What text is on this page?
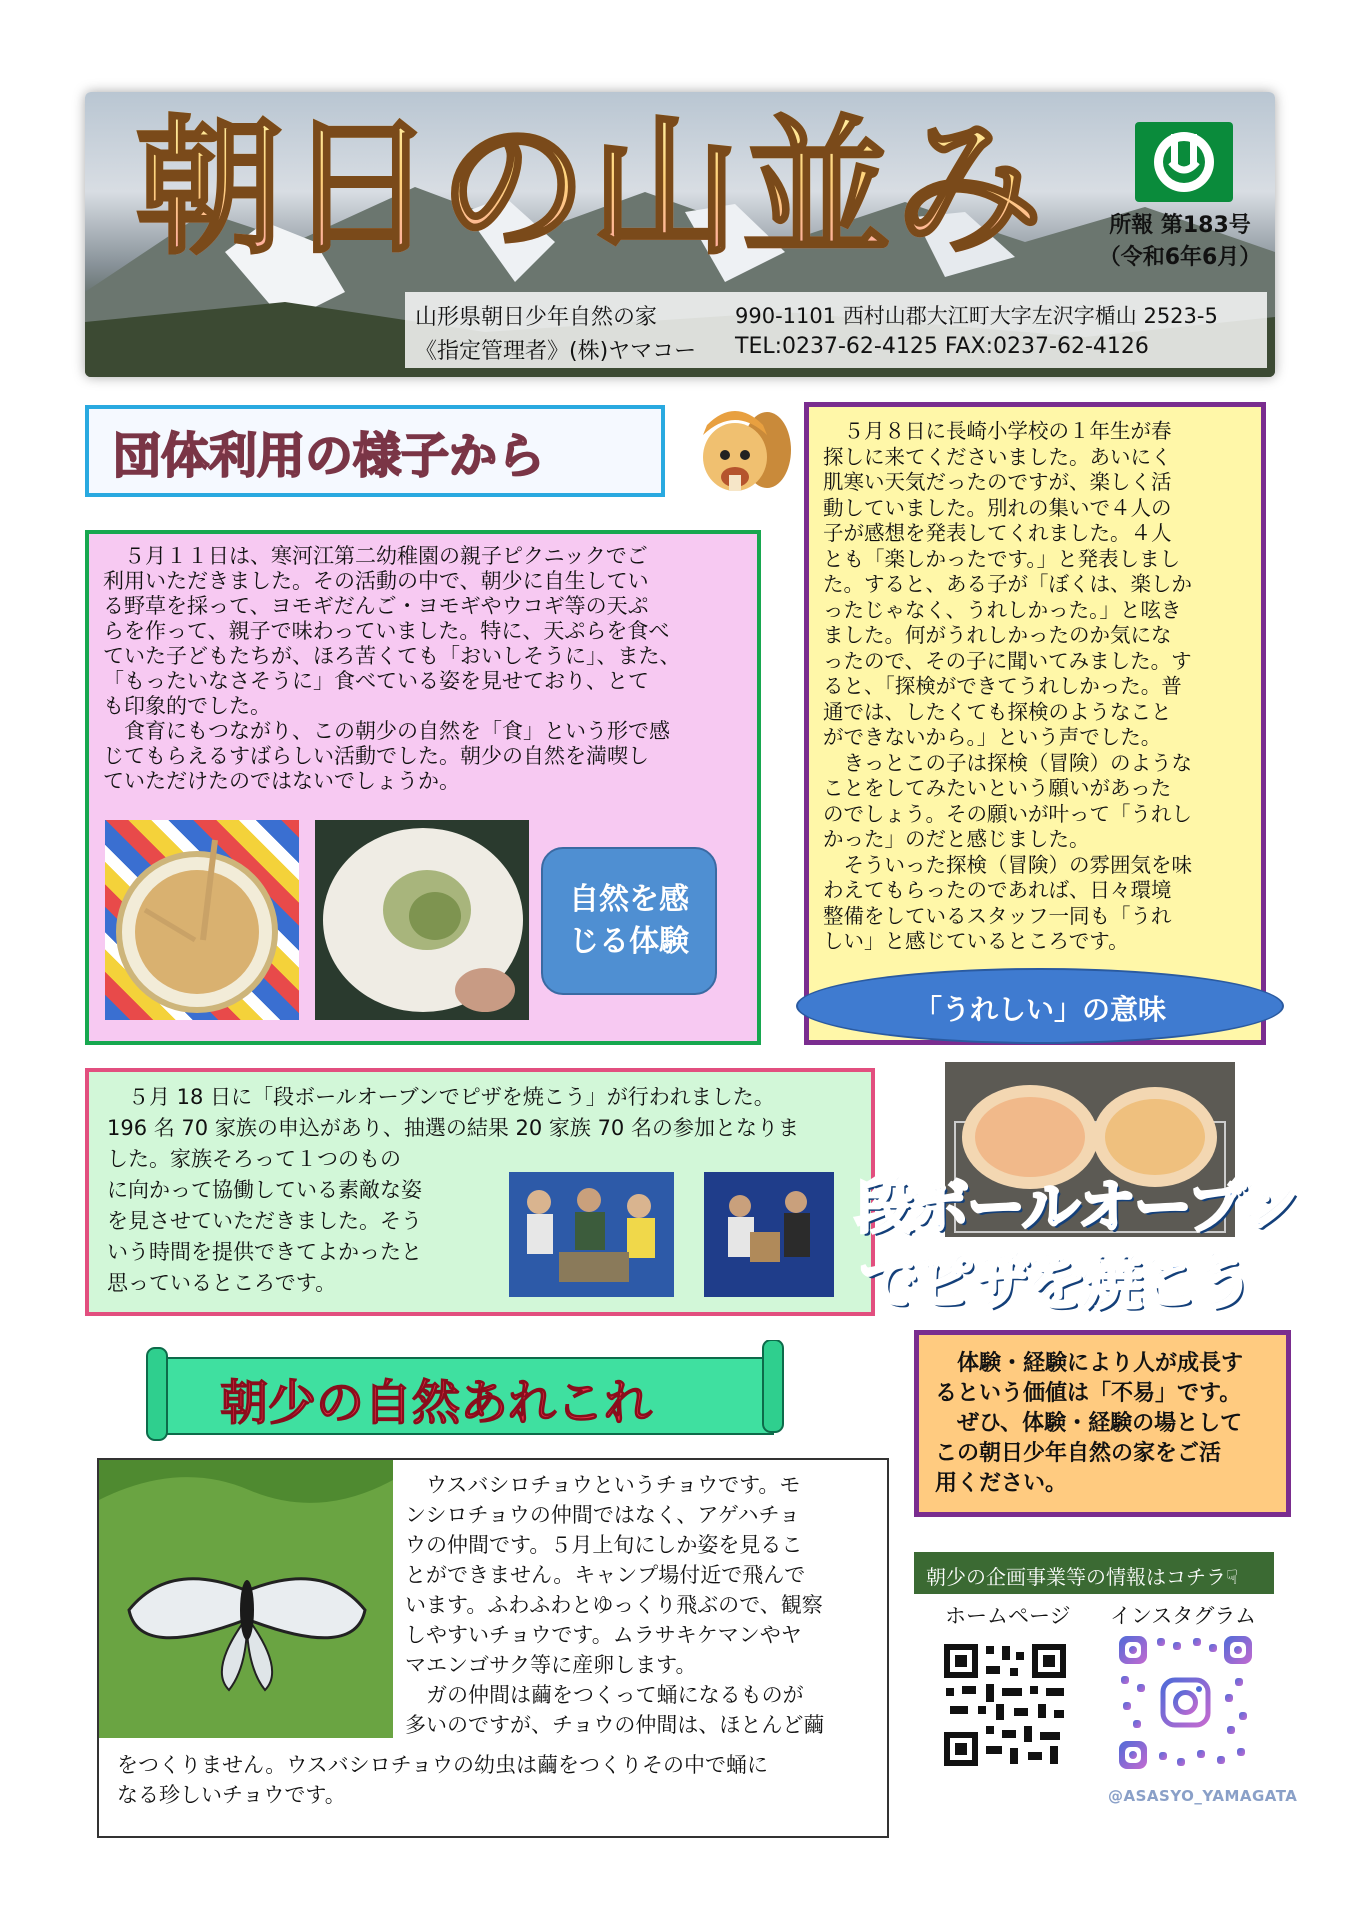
朝日の山並み	所報 第183号
（令和6年6月）
山形県朝日少年自然の家
《指定管理者》(株)ヤマコー
990-1101 西村山郡大江町大字左沢字楯山 2523-5
TEL:0237-62-4125 FAX:0237-62-4126
団体利用の様子から
　５月１１日は、寒河江第二幼稚園の親子ピクニックでご
利用いただきました。その活動の中で、朝少に自生してい
る野草を採って、ヨモギだんご・ヨモギやウコギ等の天ぷ
らを作って、親子で味わっていました。特に、天ぷらを食べ
ていた子どもたちが、ほろ苦くても「おいしそうに」、また、
「もったいなさそうに」食べている姿を見せており、とて
も印象的でした。
　食育にもつながり、この朝少の自然を「食」という形で感
じてもらえるすばらしい活動でした。朝少の自然を満喫し
ていただけたのではないでしょうか。
自然を感
じる体験
　５月８日に長崎小学校の１年生が春
探しに来てくださいました。あいにく
肌寒い天気だったのですが、楽しく活
動していました。別れの集いで４人の
子が感想を発表してくれました。４人
とも「楽しかったです。」と発表しまし
た。すると、ある子が「ぼくは、楽しか
ったじゃなく、うれしかった。」と呟き
ました。何がうれしかったのか気にな
ったので、その子に聞いてみました。す
ると、「探検ができてうれしかった。普
通では、したくても探検のようなこと
ができないから。」という声でした。
　きっとこの子は探検（冒険）のような
ことをしてみたいという願いがあった
のでしょう。その願いが叶って「うれし
かった」のだと感じました。
　そういった探検（冒険）の雰囲気を味
わえてもらったのであれば、日々環境
整備をしているスタッフ一同も「うれ
しい」と感じているところです。
「うれしい」の意味
　５月 18 日に「段ボールオーブンでピザを焼こう」が行われました。
196 名 70 家族の申込があり、抽選の結果 20 家族 70 名の参加となりま
した。家族そろって１つのもの
に向かって協働している素敵な姿
を見させていただきました。そう
いう時間を提供できてよかったと
思っているところです。
段ボールオーブン
でピザを焼こう
朝少の自然あれこれ
　ウスバシロチョウというチョウです。モ
ンシロチョウの仲間ではなく、アゲハチョ
ウの仲間です。５月上旬にしか姿を見るこ
とができません。キャンプ場付近で飛んで
います。ふわふわとゆっくり飛ぶので、観察
しやすいチョウです。ムラサキケマンやヤ
マエンゴサク等に産卵します。
　ガの仲間は繭をつくって蛹になるものが
多いのですが、チョウの仲間は、ほとんど繭
をつくりません。ウスバシロチョウの幼虫は繭をつくりその中で蛹に
なる珍しいチョウです。
　体験・経験により人が成長す
るという価値は「不易」です。
　ぜひ、体験・経験の場として
この朝日少年自然の家をご活
用ください。
朝少の企画事業等の情報はコチラ☟
ホームページ インスタグラム
@ASASYO_YAMAGATA
